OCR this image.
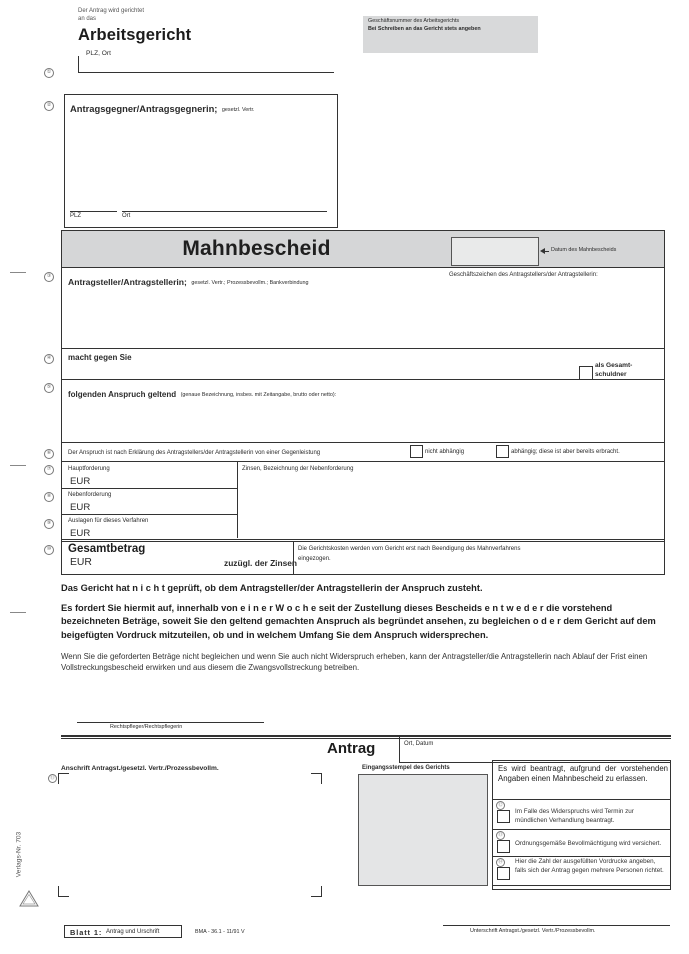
Der Antrag wird gerichtet
an das
Arbeitsgericht
PLZ, Ort
①
Geschäftsnummer des Arbeitsgerichts
Bei Schreiben an das Gericht stets angeben
② Antragsgegner/Antragsgegnerin; gesetzl. Vertr.
PLZ	Ort
③
④
⑤
⑥
⑦
⑧
⑨
⑩
Mahnbescheid	Datum des Mahnbescheids
Antragsteller/Antragstellerin; gesetzl. Vertr.; Prozessbevollm.; Bankverbindung
Geschäftszeichen des Antragstellers/der Antragstellerin:
macht gegen Sie
als Gesamt-
schuldner
folgenden Anspruch geltend (genaue Bezeichnung, insbes. mit Zeitangabe, brutto oder netto):
Der Anspruch ist nach Erklärung des Antragstellers/der Antragstellerin von einer Gegenleistung	nicht abhängig	abhängig; diese ist aber bereits erbracht.
Zinsen, Bezeichnung der Nebenforderung
Hauptforderung
EUR
Nebenforderung
EUR
Auslagen für dieses Verfahren
EUR
Gesamtbetrag
EUR	zuzügl. der Zinsen
Die Gerichtskosten werden vom Gericht erst nach Beendigung des Mahnverfahrens
eingezogen.
Das Gericht hat n i c h t geprüft, ob dem Antragsteller/der Antragstellerin der Anspruch zusteht.
Es fordert Sie hiermit auf, innerhalb von e i n e r W o c h e seit der Zustellung dieses Bescheids e n t w e d e r die vorstehend bezeichneten Beträge, soweit Sie den geltend gemachten Anspruch als begründet ansehen, zu begleichen o d e r dem Gericht auf dem beigefügten Vordruck mitzuteilen, ob und in welchem Umfang Sie dem Anspruch widersprechen.
Wenn Sie die geforderten Beträge nicht begleichen und wenn Sie auch nicht Widerspruch erheben, kann der Antragsteller/die Antragstellerin nach Ablauf der Frist einen Vollstreckungsbescheid erwirken und aus diesem die Zwangsvollstreckung betreiben.
Rechtspfleger/Rechtspflegerin
Antrag	Ort, Datum
⑪
Anschrift Antragst./gesetzl. Vertr./Prozessbevollm.	Eingangsstempel des Gerichts	Es wird beantragt, aufgrund der vorstehenden Angaben einen Mahnbescheid zu erlassen.
⑫
Im Falle des Widerspruchs wird Termin zur mündlichen Verhandlung beantragt.
⑬
Ordnungsgemäße Bevollmächtigung wird versichert.
⑭	Hier die Zahl der ausgefüllten Vordrucke angeben, falls sich der Antrag gegen mehrere Personen richtet.
Blatt 1: Antrag und Urschrift	BMA - 36.1 - 11/91 V	Unterschrift Antragst./gesetzl. Vertr./Prozessbevollm.
Verlags-Nr. 703
